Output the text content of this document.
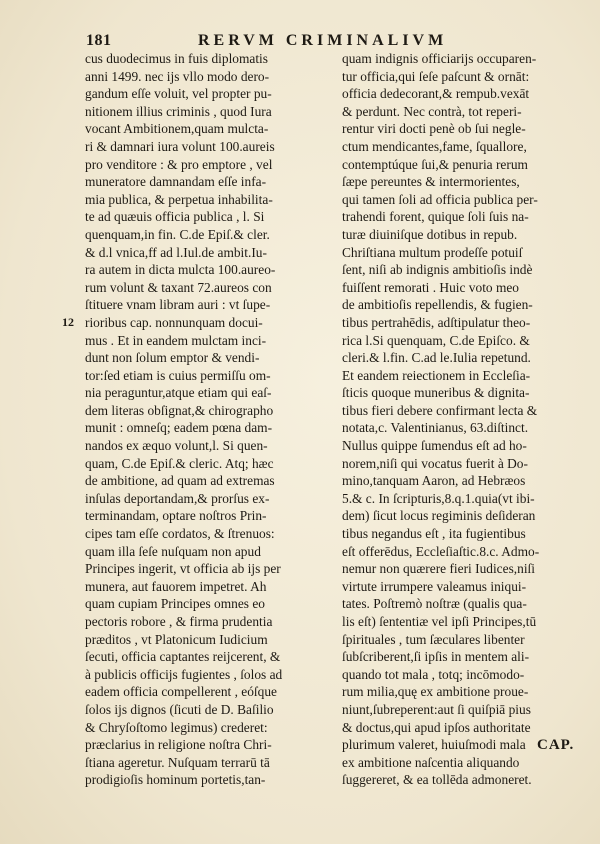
181	RERVM CRIMINALIVM
12
cus duodecimus in fuis diplomatis
anni 1499. nec ijs vllo modo dero-
gandum eſſe voluit, vel propter pu-
nitionem illius criminis , quod Iura
vocant Ambitionem,quam mulcta-
ri & damnari iura volunt 100.aureis
pro venditore : & pro emptore , vel
muneratore damnandam eſſe infa-
mia publica, & perpetua inhabilita-
te ad quæuis officia publica , l. Si
quenquam,in fin. C.de Epiſ.& cler.
& d.l vnica,ff ad l.Iul.de ambit.Iu-
ra autem in dicta mulcta 100.aureo-
rum volunt & taxant 72.aureos con
ſtituere vnam libram auri : vt ſupe-
rioribus cap. nonnunquam docui-
mus . Et in eandem mulctam inci-
dunt non ſolum emptor & vendi-
tor:ſed etiam is cuius permiſſu om-
nia peraguntur,atque etiam qui eaſ-
dem literas obſignat,& chirographo
munit : omneſq; eadem pœna dam-
nandos ex æquo volunt,l. Si quen-
quam, C.de Epiſ.& cleric. Atq; hæc
de ambitione, ad quam ad extremas
inſulas deportandam,& prorſus ex-
terminandam, optare noſtros Prin-
cipes tam eſſe cordatos, & ſtrenuos:
quam illa ſeſe nuſquam non apud
Principes ingerit, vt officia ab ijs per
munera, aut fauorem impetret. Ah
quam cupiam Principes omnes eo
pectoris robore , & firma prudentia
præditos , vt Platonicum Iudicium
ſecuti, officia captantes reijcerent, &
à publicis officijs fugientes , ſolos ad
eadem officia compellerent , eóſque
ſolos ijs dignos (ſicuti de D. Baſilio
& Chryſoſtomo legimus) crederet:
præclarius in religione noſtra Chri-
ſtiana ageretur. Nuſquam terrarū tā
prodigioſis hominum portetis,tan-
quam indignis officiarijs occuparen-
tur officia,qui ſeſe paſcunt & ornāt:
officia dedecorant,& rempub.vexāt
& perdunt. Nec contrà, tot reperi-
rentur viri docti penè ob ſui negle-
ctum mendicantes,fame, ſquallore,
contemptúque ſui,& penuria rerum
ſæpe pereuntes & intermorientes,
qui tamen ſoli ad officia publica per-
trahendi forent, quique ſoli ſuis na-
turæ diuiniſque dotibus in repub.
Chriſtiana multum prodeſſe potuiſ
ſent, niſi ab indignis ambitioſis indè
fuiſſent remorati . Huic voto meo
de ambitioſis repellendis, & fugien-
tibus pertrahēdis, adſtipulatur theo-
rica l.Si quenquam, C.de Epiſco. &
cleri.& l.fin. C.ad le.Iulia repetund.
Et eandem reiectionem in Eccleſia-
ſticis quoque muneribus & dignita-
tibus fieri debere confirmant lecta &
notata,c. Valentinianus, 63.diſtinct.
Nullus quippe ſumendus eſt ad ho-
norem,niſi qui vocatus fuerit à Do-
mino,tanquam Aaron, ad Hebræos
5.& c. In ſcripturis,8.q.1.quia(vt ibi-
dem) ſicut locus regiminis deſideran
tibus negandus eſt , ita fugientibus
eſt offerēdus, Eccleſiaſtic.8.c. Admo-
nemur non quærere fieri Iudices,niſi
virtute irrumpere valeamus iniqui-
tates. Poſtremò noſtræ (qualis qua-
lis eſt) ſententiæ vel ipſi Principes,tū
ſpirituales , tum ſæculares libenter
ſubſcriberent,ſi ipſis in mentem ali-
quando tot mala , totq; incōmodo-
rum milia,quę ex ambitione proue-
niunt,ſubreperent:aut ſi quiſpiā pius
& doctus,qui apud ipſos authoritate
plurimum valeret, huiuſmodi mala
ex ambitione naſcentia aliquando
ſuggereret, & ea tollēda admoneret.
CAP.
